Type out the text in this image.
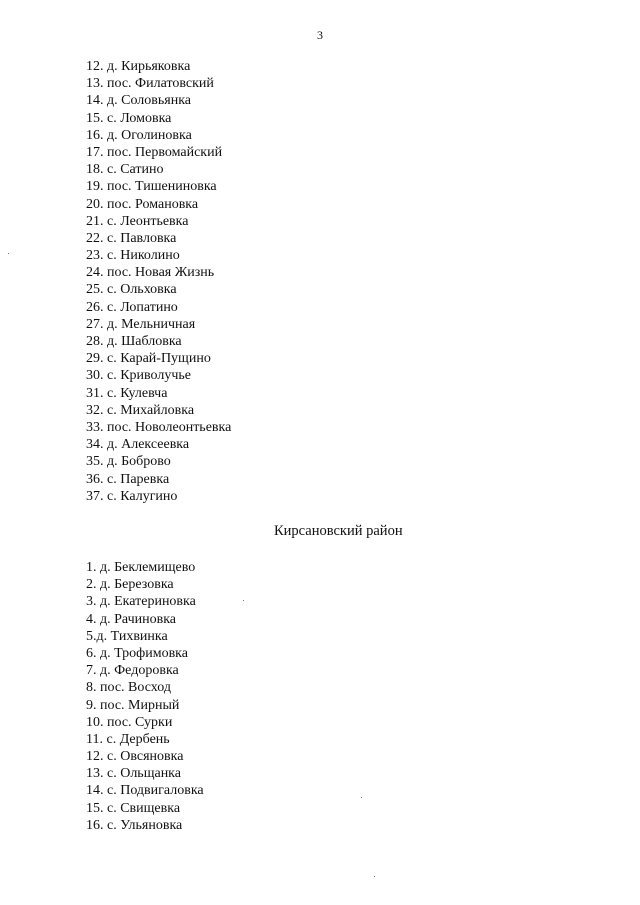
3
12. д. Кирьяковка
13. пос. Филатовский
14. д. Соловьянка
15. с. Ломовка
16. д. Оголиновка
17. пос. Первомайский
18. с. Сатино
19. пос. Тишениновка
20. пос. Романовка
21. с. Леонтьевка
22. с. Павловка
23. с. Николино
24. пос. Новая Жизнь
25. с. Ольховка
26. с. Лопатино
27. д. Мельничная
28. д. Шабловка
29. с. Карай-Пущино
30. с. Криволучье
31. с. Кулевча
32. с. Михайловка
33. пос. Новолеонтьевка
34. д. Алексеевка
35. д. Боброво
36. с. Паревка
37. с. Калугино
Кирсановский район
1. д. Беклемищево
2. д. Березовка
3. д. Екатериновка
4. д. Рачиновка
5.д. Тихвинка
6. д. Трофимовка
7. д. Федоровка
8. пос. Восход
9. пос. Мирный
10. пос. Сурки
11. с. Дербень
12. с. Овсяновка
13. с. Ольщанка
14. с. Подвигаловка
15. с. Свищевка
16. с. Ульяновка
